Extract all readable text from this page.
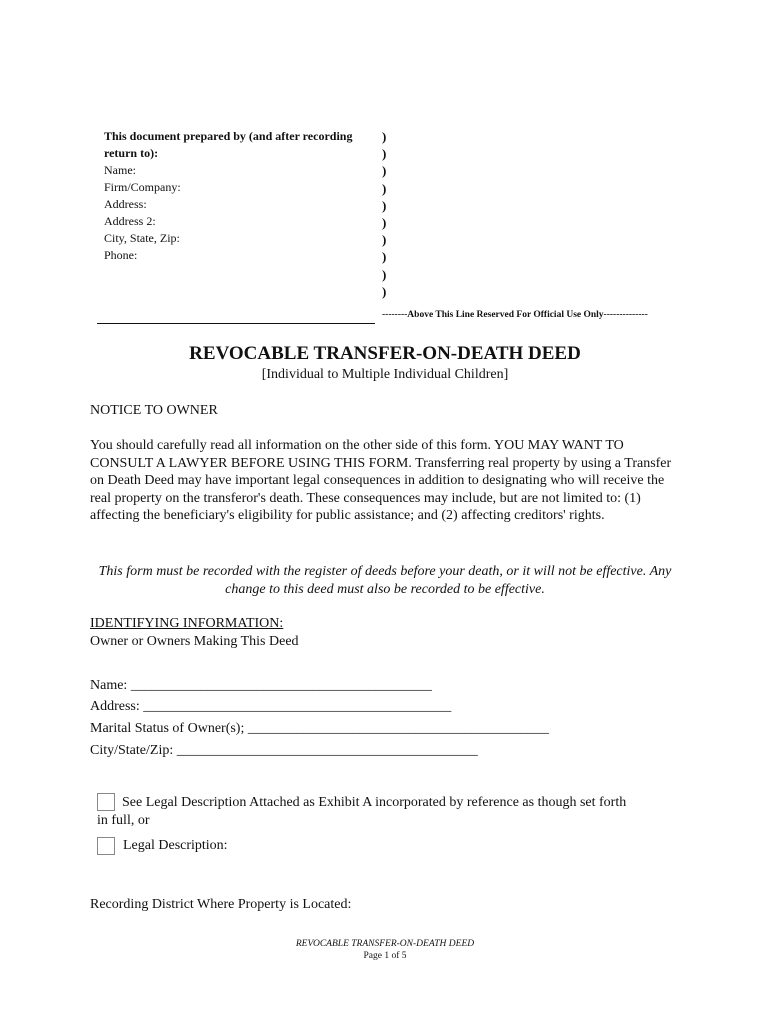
This document prepared by (and after recording
return to):
Name:
Firm/Company:
Address:
Address 2:
City, State, Zip:
Phone:
)
)
)
)
)
)
)
)
)
)
--------Above This Line Reserved For Official Use Only--------------
REVOCABLE TRANSFER-ON-DEATH DEED
[Individual to Multiple Individual Children]
NOTICE TO OWNER
You should carefully read all information on the other side of this form. YOU MAY WANT TO CONSULT A LAWYER BEFORE USING THIS FORM. Transferring real property by using a Transfer on Death Deed may have important legal consequences in addition to designating who will receive the real property on the transferor's death. These consequences may include, but are not limited to: (1) affecting the beneficiary's eligibility for public assistance; and (2) affecting creditors' rights.
This form must be recorded with the register of deeds before your death, or it will not be effective. Any change to this deed must also be recorded to be effective.
IDENTIFYING INFORMATION:
Owner or Owners Making This Deed
Name: ___________________________________________
Address: ____________________________________________
Marital Status of Owner(s); ___________________________________________
City/State/Zip: ___________________________________________
See Legal Description Attached as Exhibit A incorporated by reference as though set forth
in full, or
Legal Description:
Recording District Where Property is Located:
REVOCABLE TRANSFER-ON-DEATH DEED
Page 1 of 5
